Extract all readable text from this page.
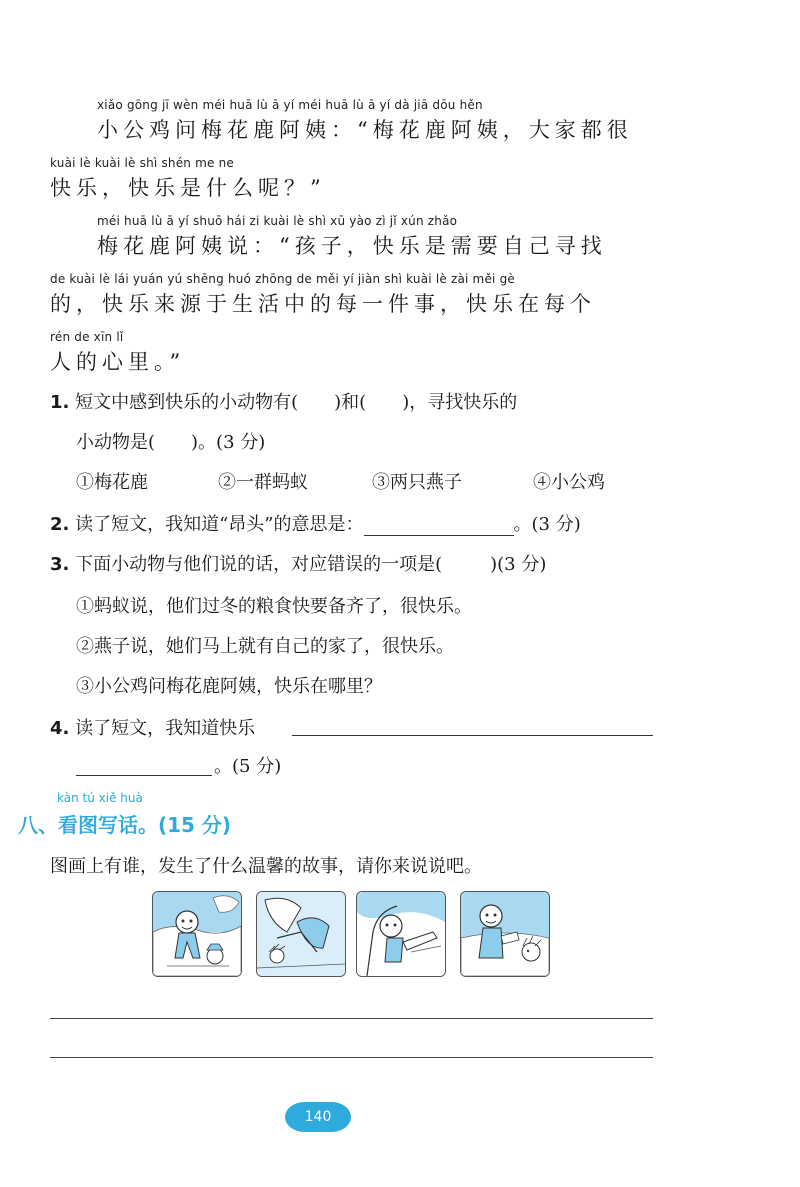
xiǎo gōng jī wèn méi huā lù ā yí méi huā lù ā yí dà jiā dōu hěn
小公鸡问梅花鹿阿姨：“梅花鹿阿姨，大家都很
kuài lè kuài lè shì shén me ne
快乐，快乐是什么呢？”
méi huā lù ā yí shuō hái zi kuài lè shì xū yào zì jǐ xún zhǎo
梅花鹿阿姨说：“孩子，快乐是需要自己寻找
de kuài lè lái yuán yú shēng huó zhōng de měi yí jiàn shì kuài lè zài měi gè
的，快乐来源于生活中的每一件事，快乐在每个
rén de xīn lǐ
人的心里。”
1. 短文中感到快乐的小动物有( )和( )，寻找快乐的
小动物是( )。(3 分)
①梅花鹿	②一群蚂蚁	③两只燕子	④小公鸡
2. 读了短文，我知道“昂头”的意思是：	。(3 分)
3. 下面小动物与他们说的话，对应错误的一项是(	)(3 分)
①蚂蚁说，他们过冬的粮食快要备齐了，很快乐。
②燕子说，她们马上就有自己的家了，很快乐。
③小公鸡问梅花鹿阿姨，快乐在哪里？
4. 读了短文，我知道快乐
。(5 分)
kàn tú xiě huà
八、看图写话。(15 分)
图画上有谁，发生了什么温馨的故事，请你来说说吧。
140
